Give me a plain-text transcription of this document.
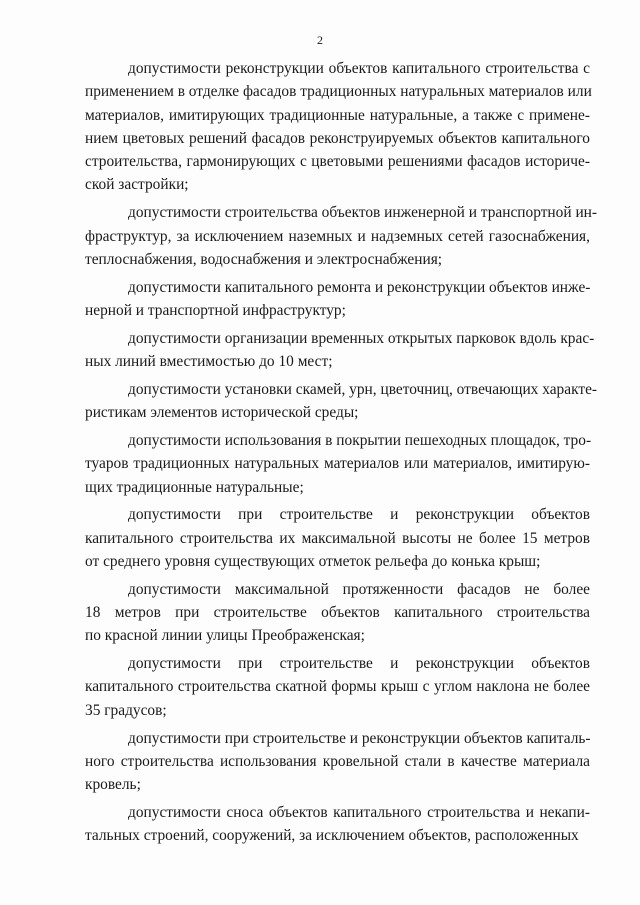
2

допустимости реконструкции объектов капитального строительства с
применением в отделке фасадов традиционных натуральных материалов или
материалов, имитирующих традиционные натуральные, а также с примене-
нием цветовых решений фасадов реконструируемых объектов капитального
строительства, гармонирующих с цветовыми решениями фасадов историче-
ской застройки;

допустимости строительства объектов инженерной и транспортной ин-
фраструктур, за исключением наземных и надземных сетей газоснабжения,
теплоснабжения, водоснабжения и электроснабжения;

допустимости капитального ремонта и реконструкции объектов инже-
нерной и транспортной инфраструктур;

допустимости организации временных открытых парковок вдоль крас-
ных линий вместимостью до 10 мест;

допустимости установки скамей, урн, цветочниц, отвечающих характе-
ристикам элементов исторической среды;

допустимости использования в покрытии пешеходных площадок, тро-
туаров традиционных натуральных материалов или материалов, имитирую-
щих традиционные натуральные;

допустимости при строительстве и реконструкции объектов
капитального строительства их максимальной высоты не более 15 метров
от среднего уровня существующих отметок рельефа до конька крыш;

допустимости максимальной протяженности фасадов не более
18 метров при строительстве объектов капитального строительства
по красной линии улицы Преображенская;

допустимости при строительстве и реконструкции объектов
капитального строительства скатной формы крыш с углом наклона не более
35 градусов;

допустимости при строительстве и реконструкции объектов капиталь-
ного строительства использования кровельной стали в качестве материала
кровель;

допустимости сноса объектов капитального строительства и некапи-
тальных строений, сооружений, за исключением объектов, расположенных
